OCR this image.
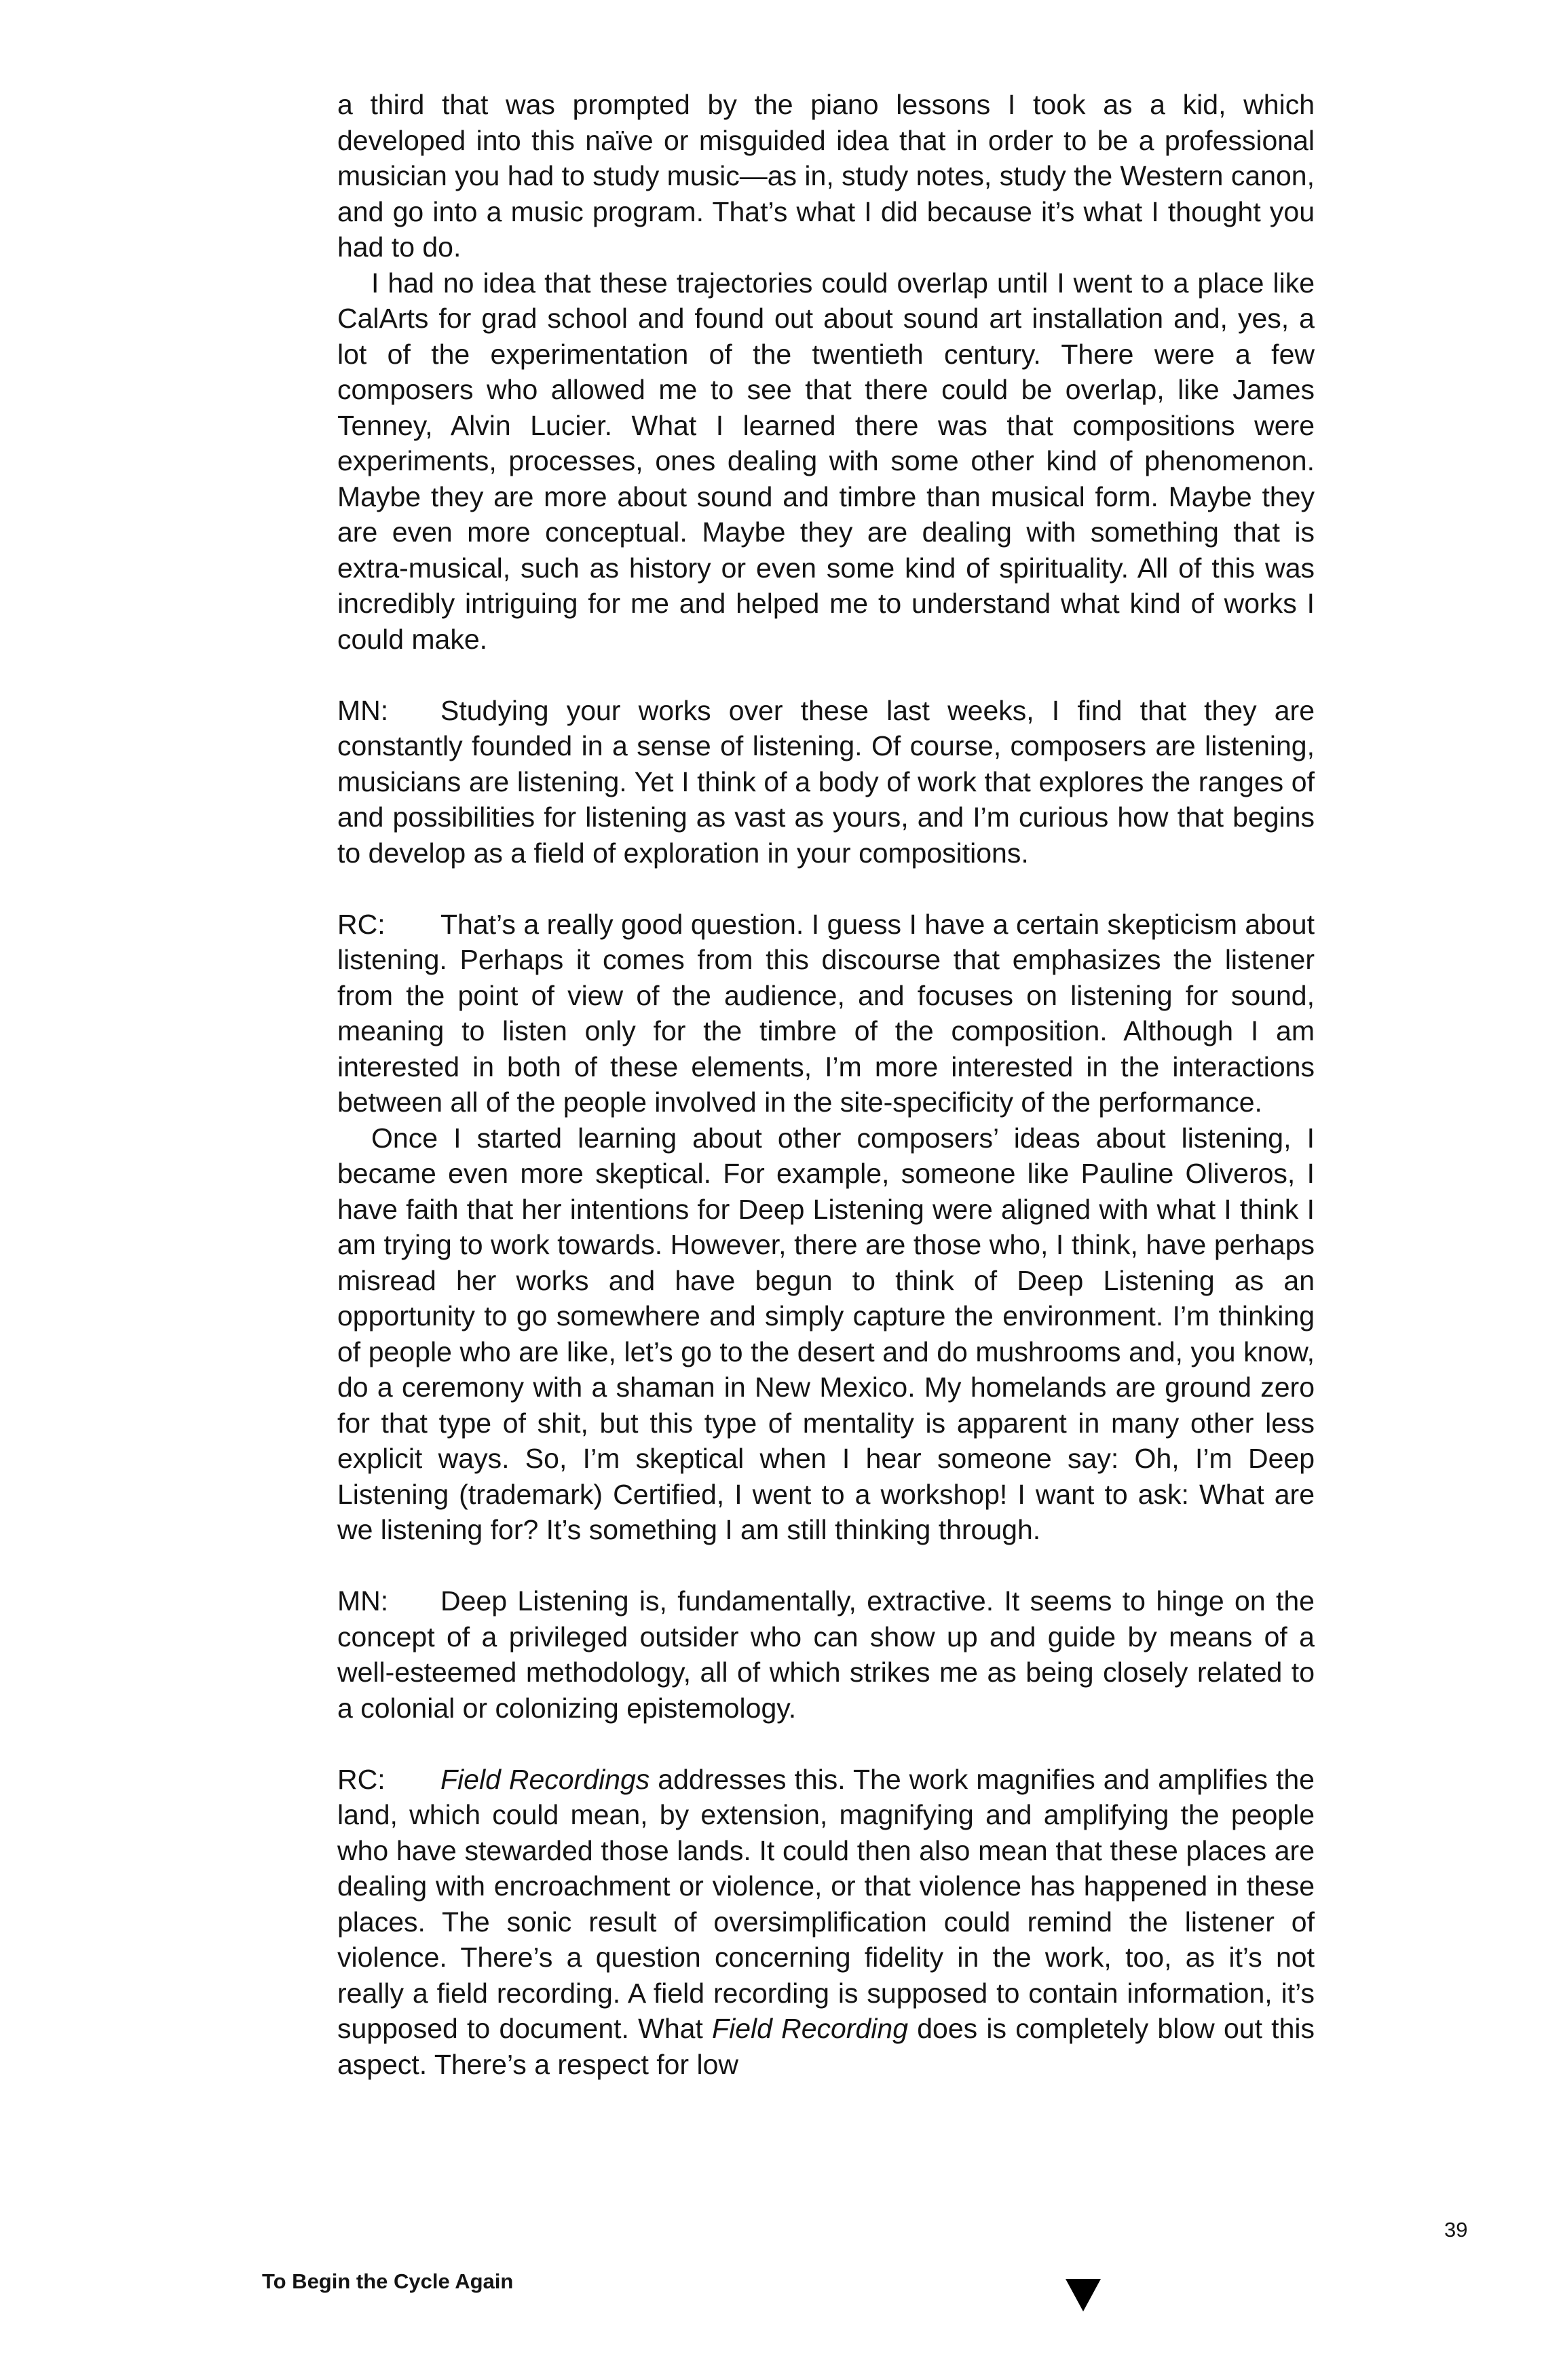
a third that was prompted by the piano lessons I took as a kid, which developed into this naïve or misguided idea that in order to be a professional musician you had to study music—as in, study notes, study the Western canon, and go into a music program. That’s what I did because it’s what I thought you had to do.

I had no idea that these trajectories could overlap until I went to a place like CalArts for grad school and found out about sound art installation and, yes, a lot of the experimentation of the twentieth century. There were a few composers who allowed me to see that there could be overlap, like James Tenney, Alvin Lucier. What I learned there was that compositions were experiments, processes, ones dealing with some other kind of phenomenon. Maybe they are more about sound and timbre than musical form. Maybe they are even more conceptual. Maybe they are dealing with something that is extra-musical, such as history or even some kind of spirituality. All of this was incredibly intriguing for me and helped me to understand what kind of works I could make.

MN: Studying your works over these last weeks, I find that they are constantly founded in a sense of listening. Of course, composers are listening, musicians are listening. Yet I think of a body of work that explores the ranges of and possibilities for listening as vast as yours, and I’m curious how that begins to develop as a field of exploration in your compositions.

RC: That’s a really good question. I guess I have a certain skepticism about listening. Perhaps it comes from this discourse that emphasizes the listener from the point of view of the audience, and focuses on listening for sound, meaning to listen only for the timbre of the composition. Although I am interested in both of these elements, I’m more interested in the interactions between all of the people involved in the site-specificity of the performance.

Once I started learning about other composers’ ideas about listening, I became even more skeptical. For example, someone like Pauline Oliveros, I have faith that her intentions for Deep Listening were aligned with what I think I am trying to work towards. However, there are those who, I think, have perhaps misread her works and have begun to think of Deep Listening as an opportunity to go somewhere and simply capture the environment. I’m thinking of people who are like, let’s go to the desert and do mushrooms and, you know, do a ceremony with a shaman in New Mexico. My homelands are ground zero for that type of shit, but this type of mentality is apparent in many other less explicit ways. So, I’m skeptical when I hear someone say: Oh, I’m Deep Listening (trademark) Certified, I went to a workshop! I want to ask: What are we listening for? It’s something I am still thinking through.

MN: Deep Listening is, fundamentally, extractive. It seems to hinge on the concept of a privileged outsider who can show up and guide by means of a well-esteemed methodology, all of which strikes me as being closely related to a colonial or colonizing epistemology.

RC: Field Recordings addresses this. The work magnifies and amplifies the land, which could mean, by extension, magnifying and amplifying the people who have stewarded those lands. It could then also mean that these places are dealing with encroachment or violence, or that violence has happened in these places. The sonic result of oversimplification could remind the listener of violence. There’s a question concerning fidelity in the work, too, as it’s not really a field recording. A field recording is supposed to contain information, it’s supposed to document. What Field Recording does is completely blow out this aspect. There’s a respect for low

39
To Begin the Cycle Again
